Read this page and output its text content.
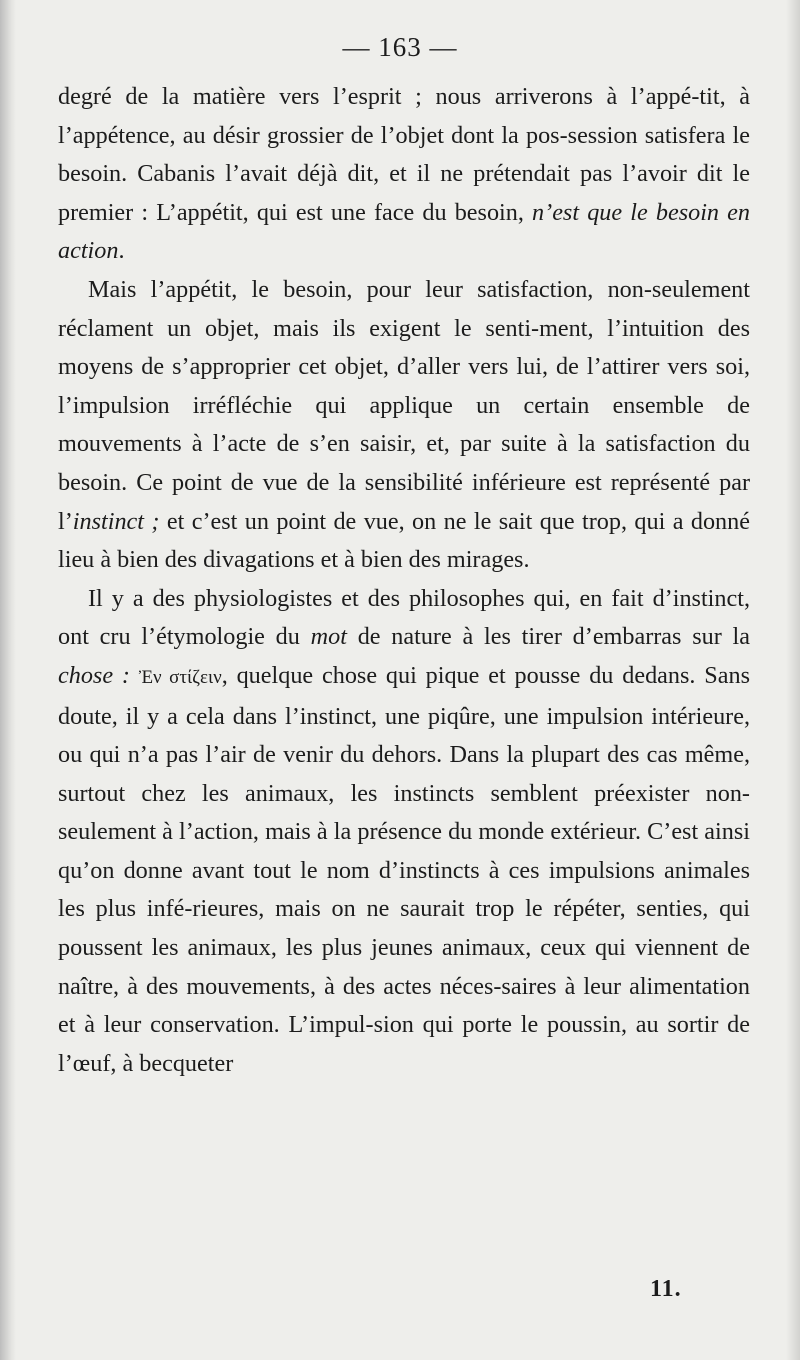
— 163 —

degré de la matière vers l’esprit ; nous arriverons à l’appé-tit, à l’appétence, au désir grossier de l’objet dont la pos-session satisfera le besoin. Cabanis l’avait déjà dit, et il ne prétendait pas l’avoir dit le premier : L’appétit, qui est une face du besoin, n’est que le besoin en action.

Mais l’appétit, le besoin, pour leur satisfaction, non-seulement réclament un objet, mais ils exigent le senti-ment, l’intuition des moyens de s’approprier cet objet, d’aller vers lui, de l’attirer vers soi, l’impulsion irréfléchie qui applique un certain ensemble de mouvements à l’acte de s’en saisir, et, par suite à la satisfaction du besoin. Ce point de vue de la sensibilité inférieure est représenté par l’instinct ; et c’est un point de vue, on ne le sait que trop, qui a donné lieu à bien des divagations et à bien des mirages.

Il y a des physiologistes et des philosophes qui, en fait d’instinct, ont cru l’étymologie du mot de nature à les tirer d’embarras sur la chose : Ἐν στίζειν, quelque chose qui pique et pousse du dedans. Sans doute, il y a cela dans l’instinct, une piqûre, une impulsion intérieure, ou qui n’a pas l’air de venir du dehors. Dans la plupart des cas même, surtout chez les animaux, les instincts semblent préexister non-seulement à l’action, mais à la présence du monde extérieur. C’est ainsi qu’on donne avant tout le nom d’instincts à ces impulsions animales les plus infé-rieures, mais on ne saurait trop le répéter, senties, qui poussent les animaux, les plus jeunes animaux, ceux qui viennent de naître, à des mouvements, à des actes néces-saires à leur alimentation et à leur conservation. L’impul-sion qui porte le poussin, au sortir de l’œuf, à becqueter

11.
